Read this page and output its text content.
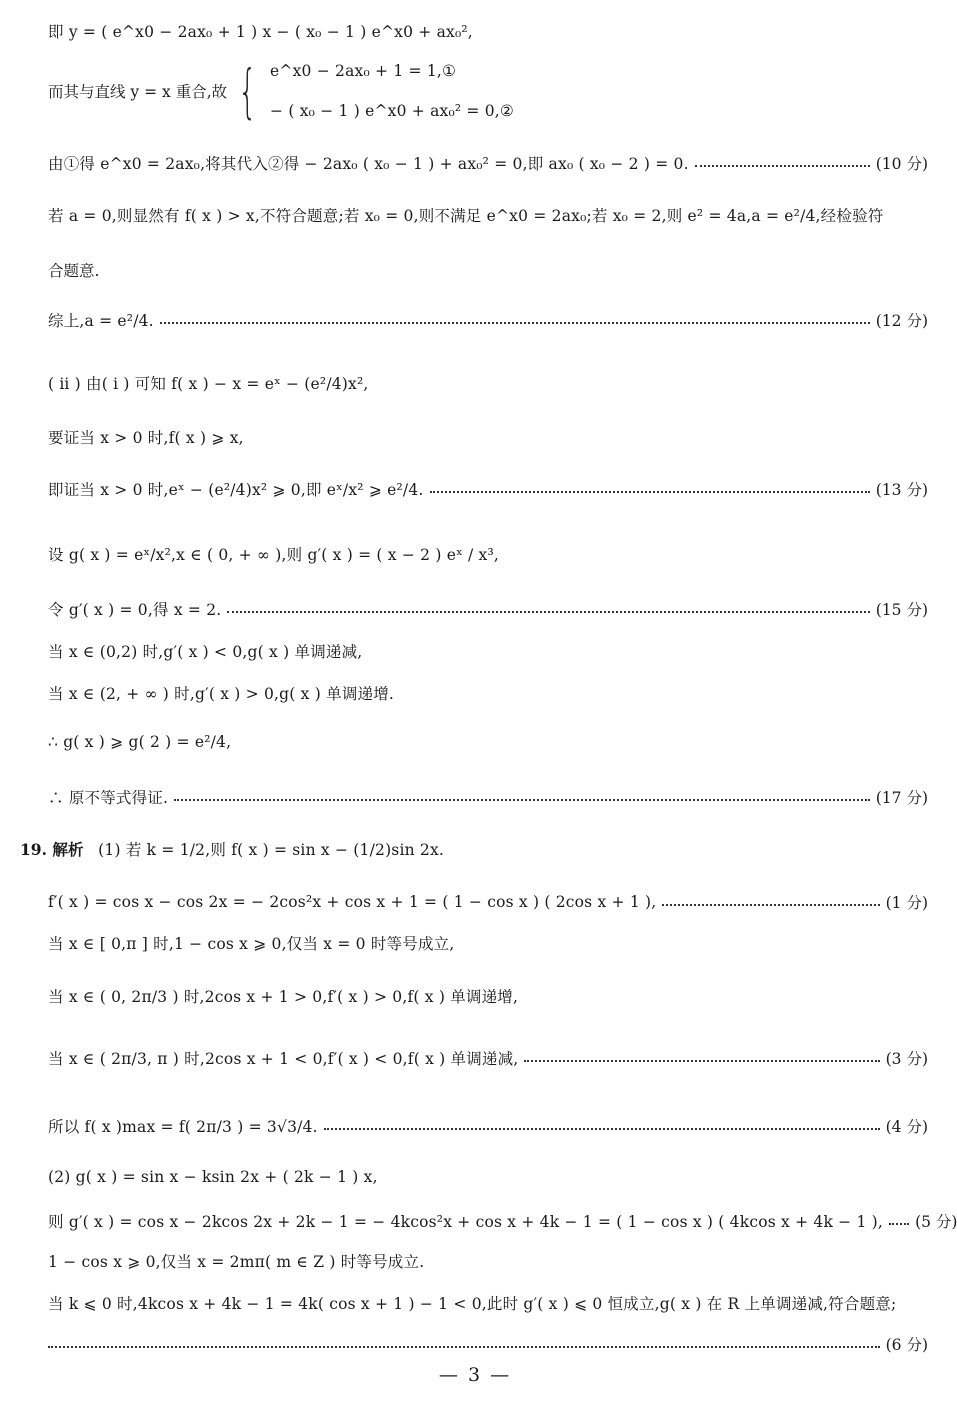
即 y = ( e^x0 − 2ax₀ + 1 ) x − ( x₀ − 1 ) e^x0 + ax₀²,
而其与直线 y = x 重合,故 { e^x0 − 2ax₀ + 1 = 1,①
− ( x₀ − 1 ) e^x0 + ax₀² = 0,②
由①得 e^x0 = 2ax₀,将其代入②得 − 2ax₀ ( x₀ − 1 ) + ax₀² = 0,即 ax₀ ( x₀ − 2 ) = 0.	(10 分)
若 a = 0,则显然有 f( x ) > x,不符合题意;若 x₀ = 0,则不满足 e^x0 = 2ax₀;若 x₀ = 2,则 e² = 4a,a = e²/4,经检验符
合题意.
综上,a = e²/4.	(12 分)
( ⅱ ) 由( ⅰ ) 可知 f( x ) − x = eˣ − (e²/4)x²,
要证当 x > 0 时,f( x ) ⩾ x,
即证当 x > 0 时,eˣ − (e²/4)x² ⩾ 0,即 eˣ/x² ⩾ e²/4.	(13 分)
设 g( x ) = eˣ/x²,x ∈ ( 0, + ∞ ),则 g′( x ) = ( x − 2 ) eˣ / x³,
令 g′( x ) = 0,得 x = 2.	(15 分)
当 x ∈ (0,2) 时,g′( x ) < 0,g( x ) 单调递减,
当 x ∈ (2, + ∞ ) 时,g′( x ) > 0,g( x ) 单调递增.
∴ g( x ) ⩾ g( 2 ) = e²/4,
∴ 原不等式得证.	(17 分)
19. 解析
(1) 若 k = 1/2,则 f( x ) = sin x − (1/2)sin 2x.
f′( x ) = cos x − cos 2x = − 2cos²x + cos x + 1 = ( 1 − cos x ) ( 2cos x + 1 ),	(1 分)
当 x ∈ [ 0,π ] 时,1 − cos x ⩾ 0,仅当 x = 0 时等号成立,
当 x ∈ ( 0, 2π/3 ) 时,2cos x + 1 > 0,f′( x ) > 0,f( x ) 单调递增,
当 x ∈ ( 2π/3, π ) 时,2cos x + 1 < 0,f′( x ) < 0,f( x ) 单调递减,	(3 分)
所以 f( x )max = f( 2π/3 ) = 3√3/4.	(4 分)
(2) g( x ) = sin x − ksin 2x + ( 2k − 1 ) x,
则 g′( x ) = cos x − 2kcos 2x + 2k − 1 = − 4kcos²x + cos x + 4k − 1 = ( 1 − cos x ) ( 4kcos x + 4k − 1 ), (5 分)
1 − cos x ⩾ 0,仅当 x = 2mπ( m ∈ Z ) 时等号成立.
当 k ⩽ 0 时,4kcos x + 4k − 1 = 4k( cos x + 1 ) − 1 < 0,此时 g′( x ) ⩽ 0 恒成立,g( x ) 在 R 上单调递减,符合题意;
(6 分)
— 3 —
